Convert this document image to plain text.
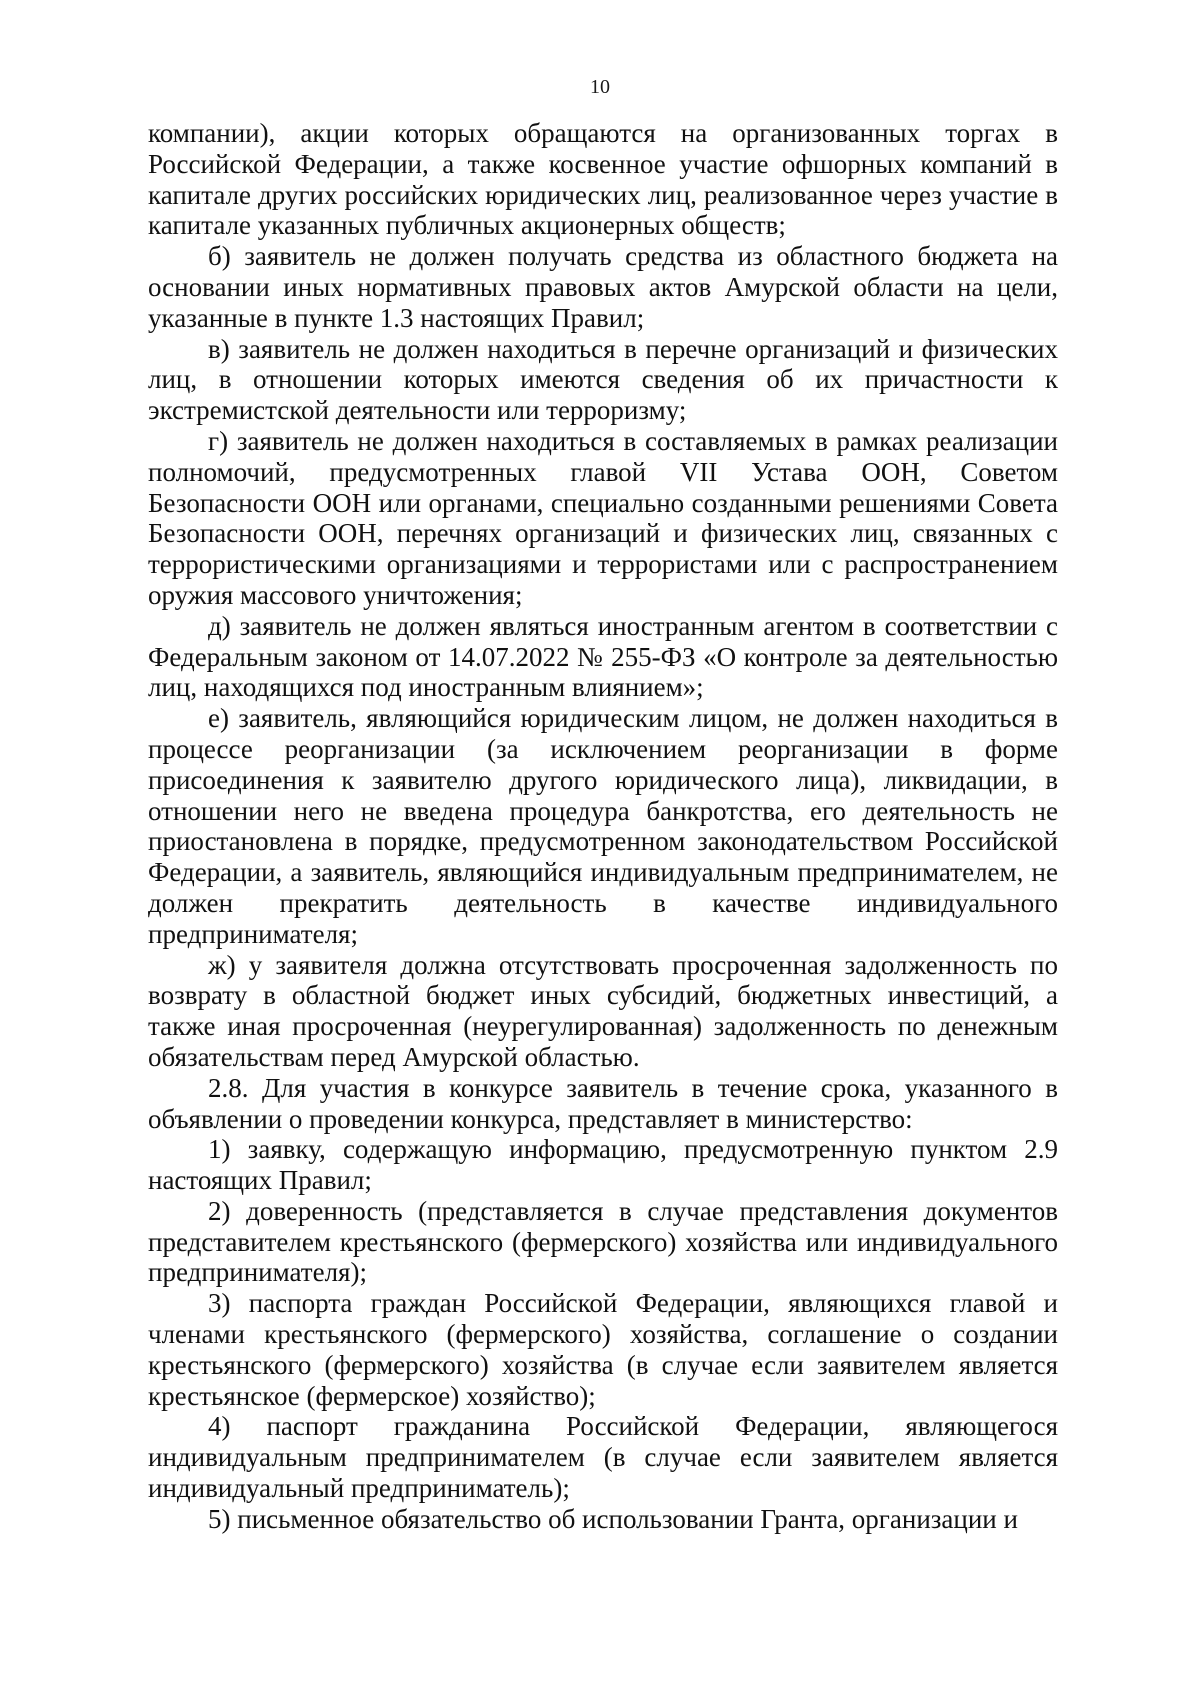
10

компании), акции которых обращаются на организованных торгах в Российской Федерации, а также косвенное участие офшорных компаний в капитале других российских юридических лиц, реализованное через участие в капитале указанных публичных акционерных обществ;

б) заявитель не должен получать средства из областного бюджета на основании иных нормативных правовых актов Амурской области на цели, указанные в пункте 1.3 настоящих Правил;

в) заявитель не должен находиться в перечне организаций и физических лиц, в отношении которых имеются сведения об их причастности к экстремистской деятельности или терроризму;

г) заявитель не должен находиться в составляемых в рамках реализации полномочий, предусмотренных главой VII Устава ООН, Советом Безопасности ООН или органами, специально созданными решениями Совета Безопасности ООН, перечнях организаций и физических лиц, связанных с террористическими организациями и террористами или с распространением оружия массового уничтожения;

д) заявитель не должен являться иностранным агентом в соответствии с Федеральным законом от 14.07.2022 № 255-ФЗ «О контроле за деятельностью лиц, находящихся под иностранным влиянием»;

е) заявитель, являющийся юридическим лицом, не должен находиться в процессе реорганизации (за исключением реорганизации в форме присоединения к заявителю другого юридического лица), ликвидации, в отношении него не введена процедура банкротства, его деятельность не приостановлена в порядке, предусмотренном законодательством Российской Федерации, а заявитель, являющийся индивидуальным предпринимателем, не должен прекратить деятельность в качестве индивидуального предпринимателя;

ж) у заявителя должна отсутствовать просроченная задолженность по возврату в областной бюджет иных субсидий, бюджетных инвестиций, а также иная просроченная (неурегулированная) задолженность по денежным обязательствам перед Амурской областью.

2.8. Для участия в конкурсе заявитель в течение срока, указанного в объявлении о проведении конкурса, представляет в министерство:

1) заявку, содержащую информацию, предусмотренную пунктом 2.9 настоящих Правил;

2) доверенность (представляется в случае представления документов представителем крестьянского (фермерского) хозяйства или индивидуального предпринимателя);

3) паспорта граждан Российской Федерации, являющихся главой и членами крестьянского (фермерского) хозяйства, соглашение о создании крестьянского (фермерского) хозяйства (в случае если заявителем является крестьянское (фермерское) хозяйство);

4) паспорт гражданина Российской Федерации, являющегося индивидуальным предпринимателем (в случае если заявителем является индивидуальный предприниматель);

5) письменное обязательство об использовании Гранта, организации и
